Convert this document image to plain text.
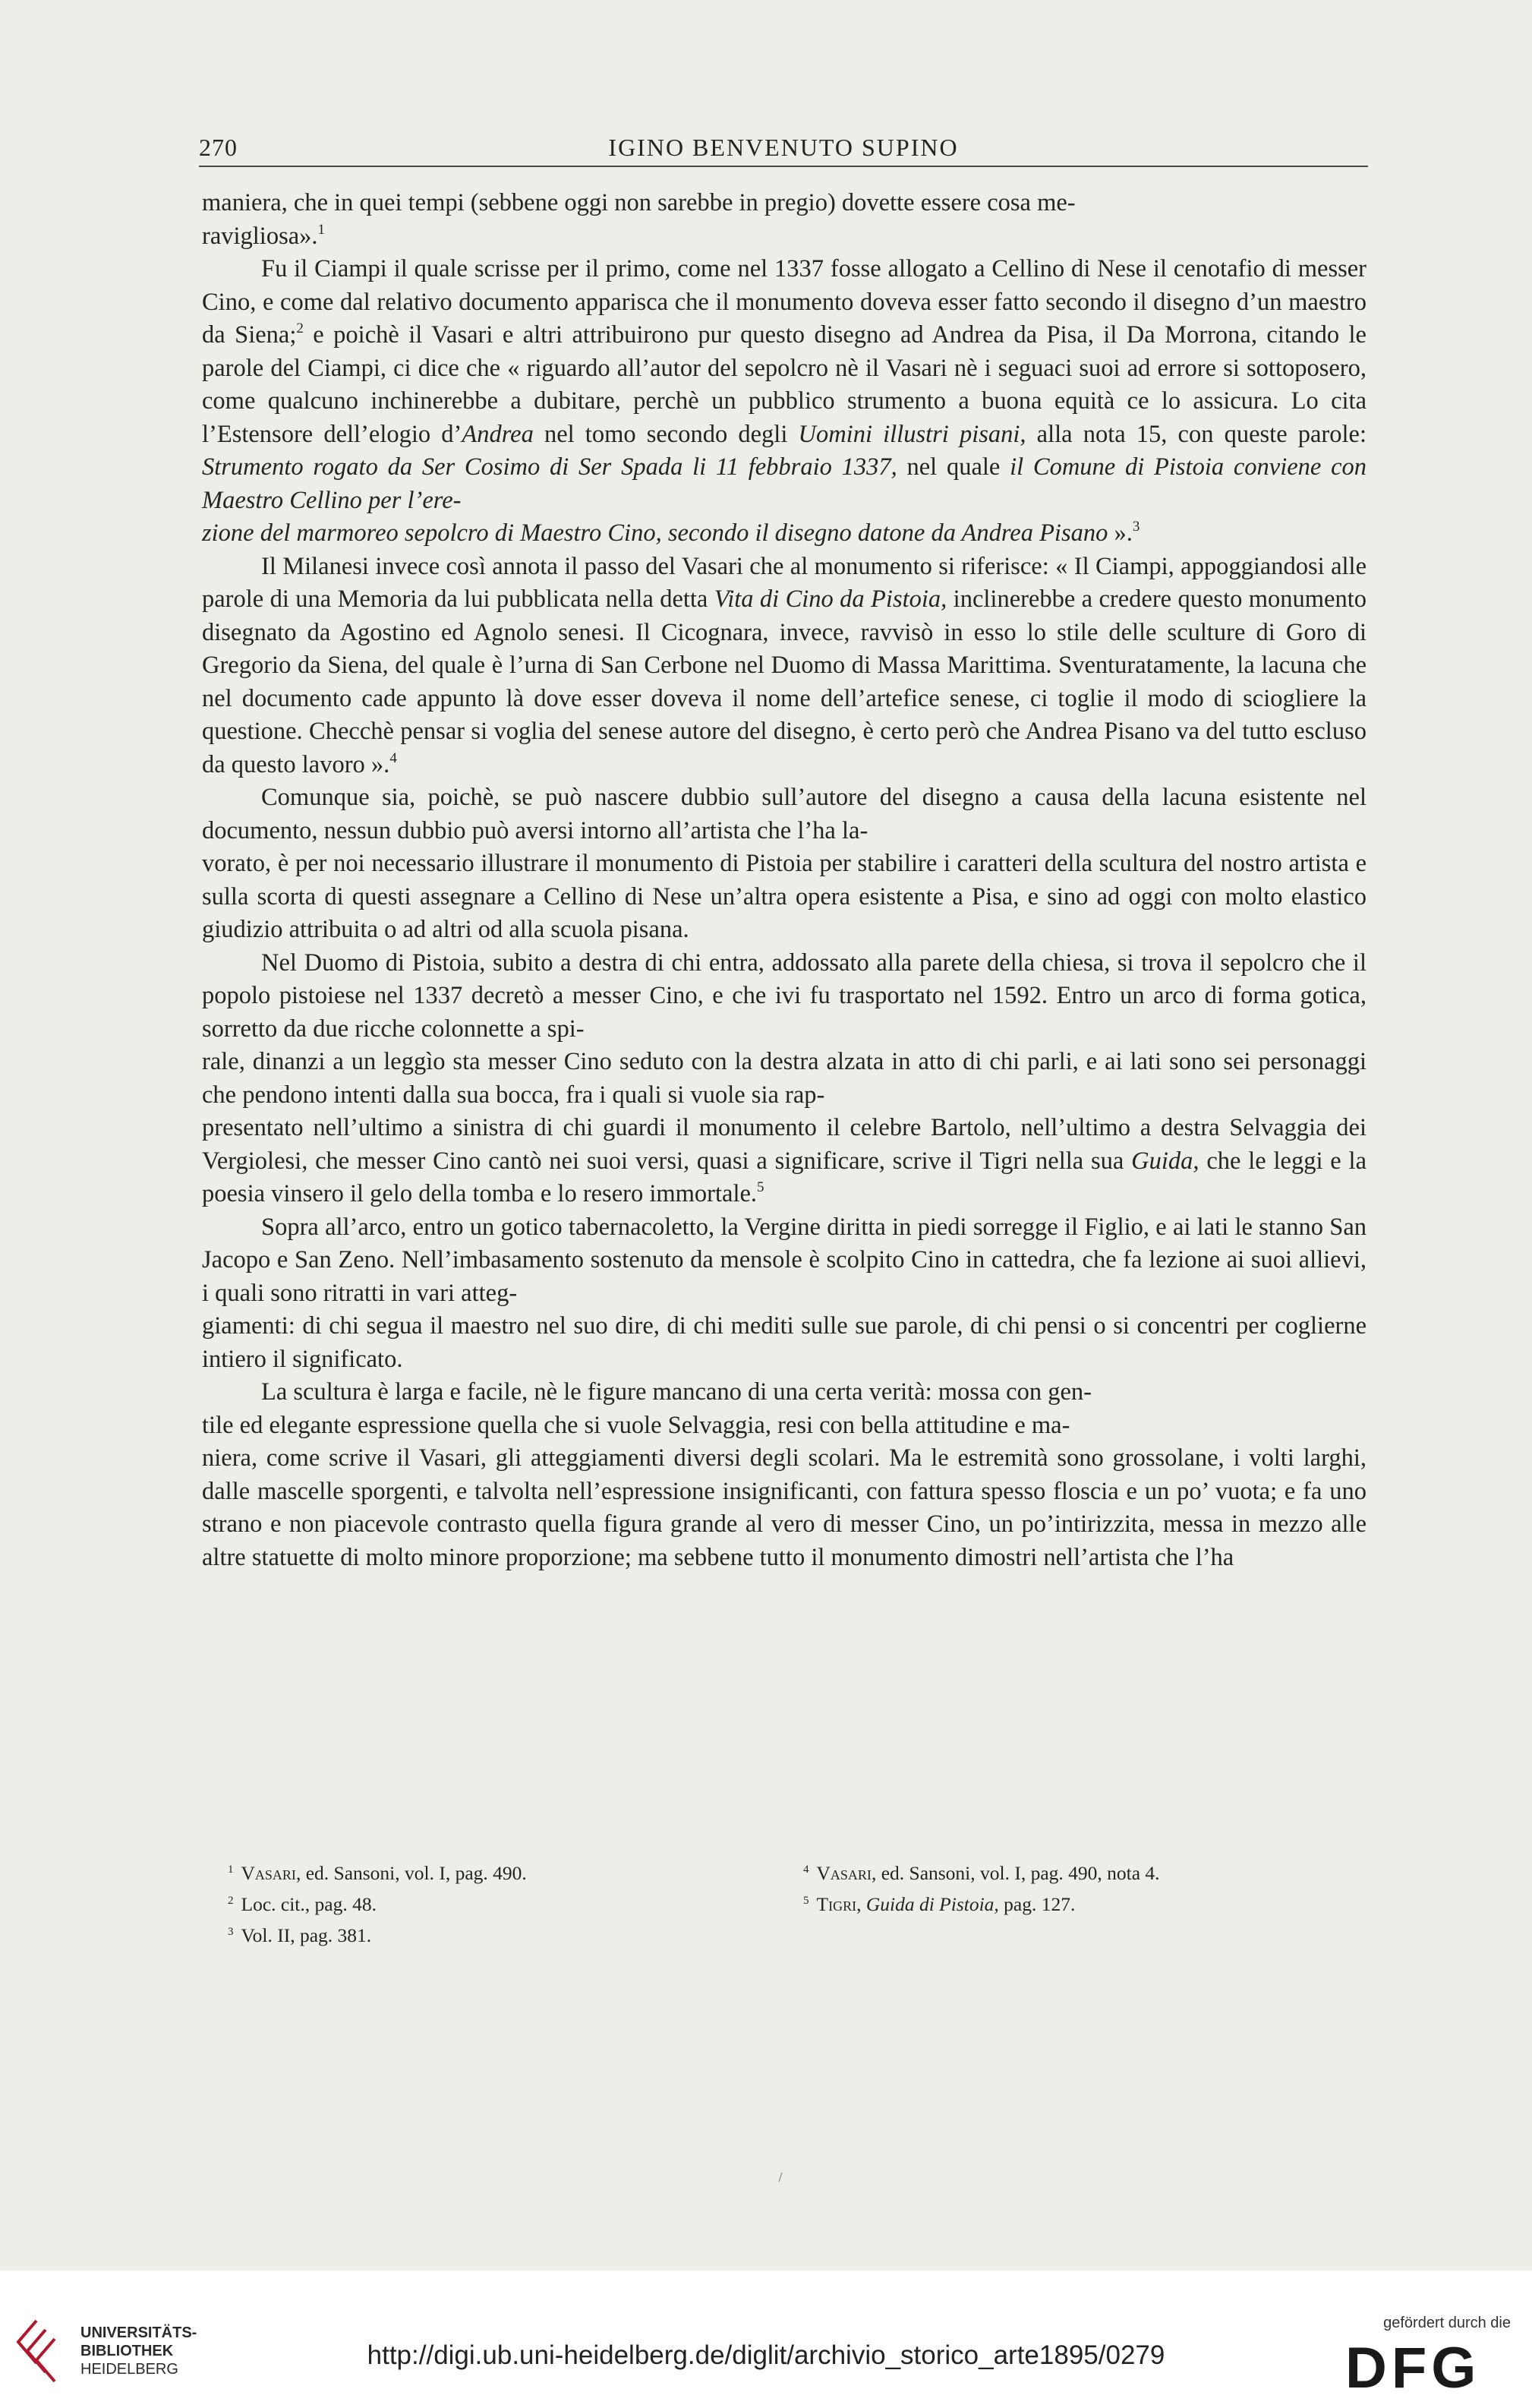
270	IGINO BENVENUTO SUPINO

maniera, che in quei tempi (sebbene oggi non sarebbe in pregio) dovette essere cosa me-
ravigliosa».$^1$

Fu il Ciampi il quale scrisse per il primo, come nel 1337 fosse allogato a Cellino di Nese il cenotafio di messer Cino, e come dal relativo documento apparisca che il monumento doveva esser fatto secondo il disegno d’un maestro da Siena;$^2$ e poichè il Vasari e altri attribuirono pur questo disegno ad Andrea da Pisa, il Da Morrona, citando le parole del Ciampi, ci dice che « riguardo all’autor del sepolcro nè il Vasari nè i seguaci suoi ad errore si sottoposero, come qualcuno inchinerebbe a dubitare, perchè un pubblico strumento a buona equità ce lo assicura. Lo cita l’Estensore dell’elogio d’Andrea nel tomo secondo degli Uomini illustri pisani, alla nota 15, con queste parole: Strumento rogato da Ser Cosimo di Ser Spada li 11 febbraio 1337, nel quale il Comune di Pistoia conviene con Maestro Cellino per l’ere-
zione del marmoreo sepolcro di Maestro Cino, secondo il disegno datone da Andrea Pisano ».$^3$

Il Milanesi invece così annota il passo del Vasari che al monumento si riferisce: « Il Ciampi, appoggiandosi alle parole di una Memoria da lui pubblicata nella detta Vita di Cino da Pistoia, inclinerebbe a credere questo monumento disegnato da Agostino ed Agnolo senesi. Il Cicognara, invece, ravvisò in esso lo stile delle sculture di Goro di Gregorio da Siena, del quale è l’urna di San Cerbone nel Duomo di Massa Marittima. Sventuratamente, la lacuna che nel documento cade appunto là dove esser doveva il nome dell’artefice senese, ci toglie il modo di sciogliere la questione. Checchè pensar si voglia del senese autore del disegno, è certo però che Andrea Pisano va del tutto escluso da questo lavoro ».$^4$

Comunque sia, poichè, se può nascere dubbio sull’autore del disegno a causa della lacuna esistente nel documento, nessun dubbio può aversi intorno all’artista che l’ha la-
vorato, è per noi necessario illustrare il monumento di Pistoia per stabilire i caratteri della scultura del nostro artista e sulla scorta di questi assegnare a Cellino di Nese un’altra opera esistente a Pisa, e sino ad oggi con molto elastico giudizio attribuita o ad altri od alla scuola pisana.

Nel Duomo di Pistoia, subito a destra di chi entra, addossato alla parete della chiesa, si trova il sepolcro che il popolo pistoiese nel 1337 decretò a messer Cino, e che ivi fu trasportato nel 1592. Entro un arco di forma gotica, sorretto da due ricche colonnette a spi-
rale, dinanzi a un leggìo sta messer Cino seduto con la destra alzata in atto di chi parli, e ai lati sono sei personaggi che pendono intenti dalla sua bocca, fra i quali si vuole sia rap-
presentato nell’ultimo a sinistra di chi guardi il monumento il celebre Bartolo, nell’ultimo a destra Selvaggia dei Vergiolesi, che messer Cino cantò nei suoi versi, quasi a significare, scrive il Tigri nella sua Guida, che le leggi e la poesia vinsero il gelo della tomba e lo resero immortale.$^5$

Sopra all’arco, entro un gotico tabernacoletto, la Vergine diritta in piedi sorregge il Figlio, e ai lati le stanno San Jacopo e San Zeno. Nell’imbasamento sostenuto da mensole è scolpito Cino in cattedra, che fa lezione ai suoi allievi, i quali sono ritratti in vari atteg-
giamenti: di chi segua il maestro nel suo dire, di chi mediti sulle sue parole, di chi pensi o si concentri per coglierne intiero il significato.

La scultura è larga e facile, nè le figure mancano di una certa verità: mossa con gen-
tile ed elegante espressione quella che si vuole Selvaggia, resi con bella attitudine e ma-
niera, come scrive il Vasari, gli atteggiamenti diversi degli scolari. Ma le estremità sono grossolane, i volti larghi, dalle mascelle sporgenti, e talvolta nell’espressione insignificanti, con fattura spesso floscia e un po’ vuota; e fa uno strano e non piacevole contrasto quella figura grande al vero di messer Cino, un po’intirizzita, messa in mezzo alle altre statuette di molto minore proporzione; ma sebbene tutto il monumento dimostri nell’artista che l’ha

$^1$ Vasari, ed. Sansoni, vol. I, pag. 490.
$^2$ Loc. cit., pag. 48.
$^3$ Vol. II, pag. 381.
$^4$ Vasari, ed. Sansoni, vol. I, pag. 490, nota 4.
$^5$ Tigri, Guida di Pistoia, pag. 127.
UNIVERSITÄTS-
BIBLIOTHEK
HEIDELBERG	http://digi.ub.uni-heidelberg.de/diglit/archivio_storico_arte1895/0279
gefördert durch die
DFG
